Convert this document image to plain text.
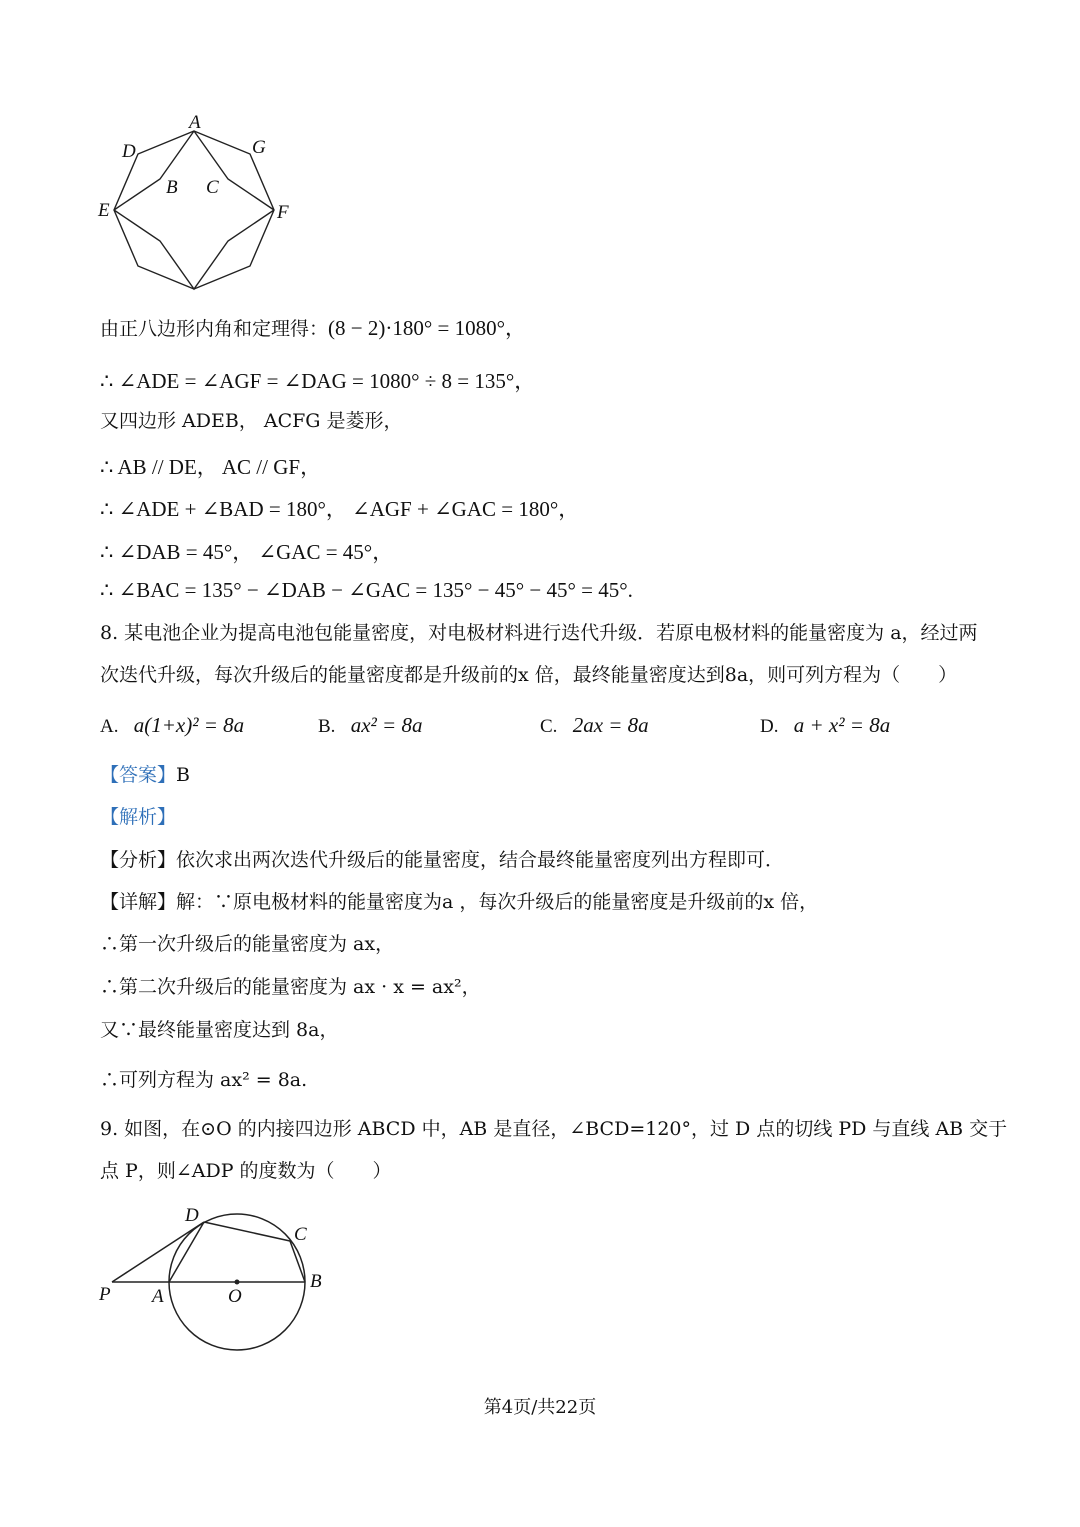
A
D	G
B C
E	F
由正八边形内角和定理得：(8 − 2)·180° = 1080°，
∴ ∠ADE = ∠AGF = ∠DAG = 1080° ÷ 8 = 135°，
又四边形 ADEB， ACFG 是菱形，
∴ AB // DE， AC // GF，
∴ ∠ADE + ∠BAD = 180°， ∠AGF + ∠GAC = 180°，
∴ ∠DAB = 45°， ∠GAC = 45°，
∴ ∠BAC = 135° − ∠DAB − ∠GAC = 135° − 45° − 45° = 45°.
8. 某电池企业为提高电池包能量密度，对电极材料进行迭代升级．若原电极材料的能量密度为 a，经过两
次迭代升级，每次升级后的能量密度都是升级前的x 倍，最终能量密度达到8a，则可列方程为（　　）
A. a(1+x)² = 8a	B. ax² = 8a	C. 2ax = 8a	D. a + x² = 8a
【答案】B
【解析】
【分析】依次求出两次迭代升级后的能量密度，结合最终能量密度列出方程即可．
【详解】解：∵原电极材料的能量密度为a ，每次升级后的能量密度是升级前的x 倍，
∴第一次升级后的能量密度为 ax，
∴第二次升级后的能量密度为 ax · x = ax²，
又∵最终能量密度达到 8a，
∴可列方程为 ax² = 8a.
9. 如图，在⊙O 的内接四边形 ABCD 中，AB 是直径，∠BCD=120°，过 D 点的切线 PD 与直线 AB 交于
点 P，则∠ADP 的度数为（　　）
P A	O
B
C
D
第4页/共22页
